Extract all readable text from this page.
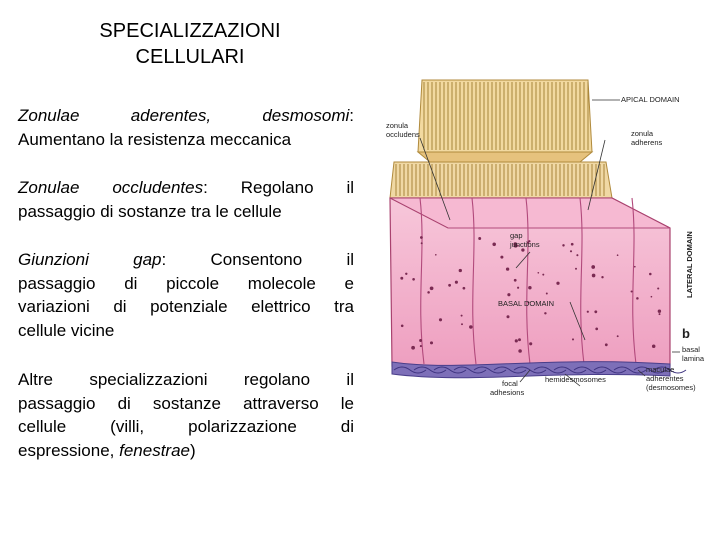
SPECIALIZZAZIONI
CELLULARI
Zonulae	aderentes,	desmosomi:
Aumentano la resistenza meccanica
Zonulae occludentes: Regolano il
passaggio di sostanze tra le cellule
Giunzioni gap: Consentono il
passaggio di piccole molecole e
variazioni di potenziale elettrico tra
cellule vicine
Altre specializzazioni regolano il
passaggio di sostanze attraverso le
cellule (villi, polarizzazione di
espressione, fenestrae)
APICAL DOMAIN
zonula
occludens	zonula
adherens
gap
junctions
BASAL DOMAIN
basal
lamina
hemidesmosomes
focal
adhesions
maculae
adherentes
(desmosomes)
LATERAL DOMAIN
b
